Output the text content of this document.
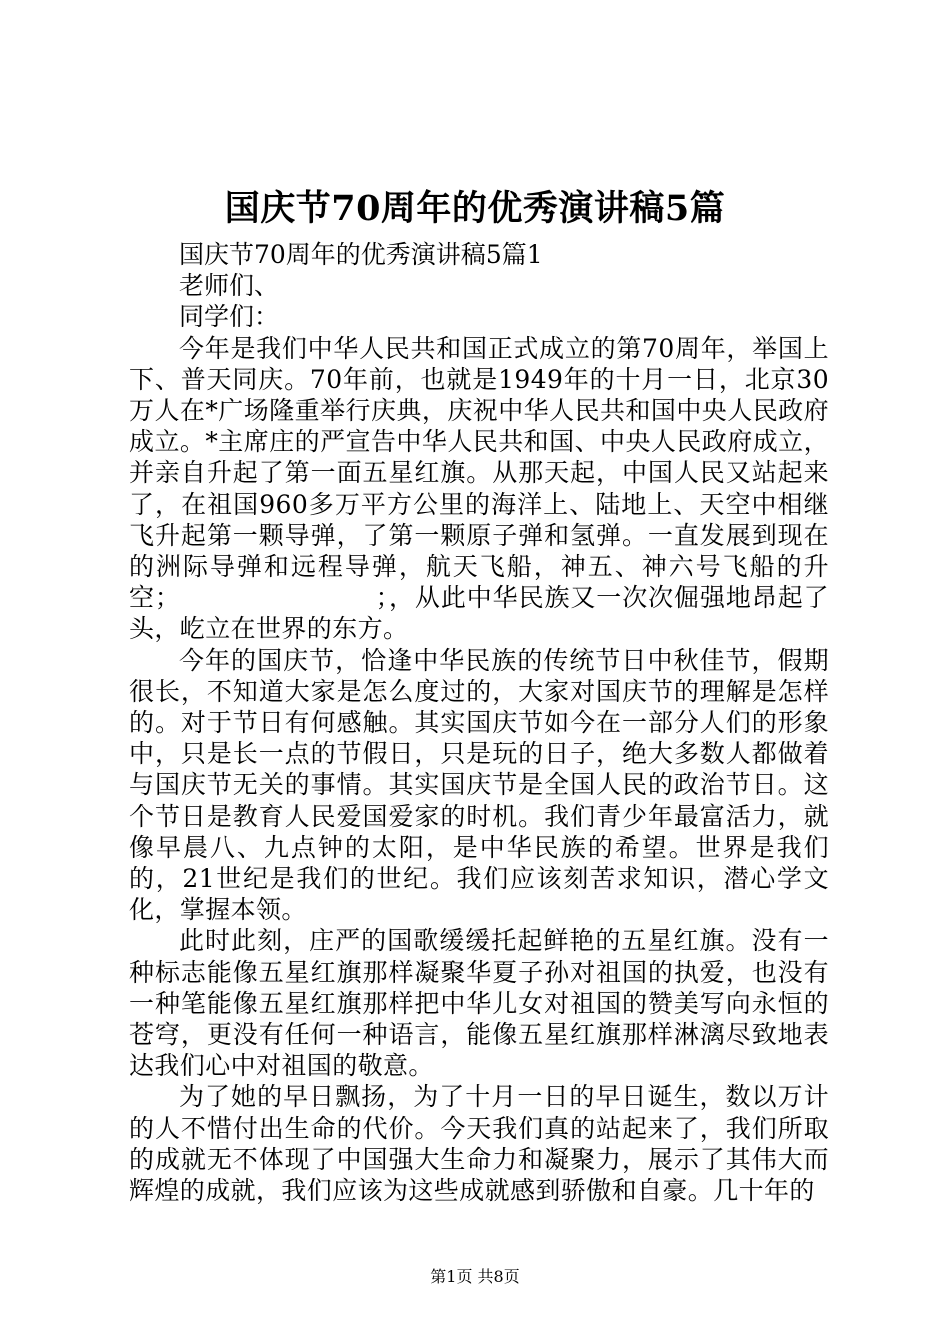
国庆节70周年的优秀演讲稿5篇

国庆节70周年的优秀演讲稿5篇1

老师们、

同学们：

今年是我们中华人民共和国正式成立的第70周年，举国上下、普天同庆。70年前，也就是1949年的十月一日，北京30万人在*广场隆重举行庆典，庆祝中华人民共和国中央人民政府成立。*主席庄的严宣告中华人民共和国、中央人民政府成立，并亲自升起了第一面五星红旗。从那天起，中国人民又站起来了，在祖国960多万平方公里的海洋上、陆地上、天空中相继飞升起第一颗导弹，了第一颗原子弹和氢弹。一直发展到现在的洲际导弹和远程导弹，航天飞船，神五、神六号飞船的升空；　　　　　　　　；，从此中华民族又一次次倔强地昂起了头，屹立在世界的东方。

今年的国庆节，恰逢中华民族的传统节日中秋佳节，假期很长，不知道大家是怎么度过的，大家对国庆节的理解是怎样的。对于节日有何感触。其实国庆节如今在一部分人们的形象中，只是长一点的节假日，只是玩的日子，绝大多数人都做着与国庆节无关的事情。其实国庆节是全国人民的政治节日。这个节日是教育人民爱国爱家的时机。我们青少年最富活力，就像早晨八、九点钟的太阳，是中华民族的希望。世界是我们的，21世纪是我们的世纪。我们应该刻苦求知识，潜心学文化，掌握本领。

此时此刻，庄严的国歌缓缓托起鲜艳的五星红旗。没有一种标志能像五星红旗那样凝聚华夏子孙对祖国的执爱，也没有一种笔能像五星红旗那样把中华儿女对祖国的赞美写向永恒的苍穹，更没有任何一种语言，能像五星红旗那样淋漓尽致地表达我们心中对祖国的敬意。

为了她的早日飘扬，为了十月一日的早日诞生，数以万计的人不惜付出生命的代价。今天我们真的站起来了，我们所取的成就无不体现了中国强大生命力和凝聚力，展示了其伟大而辉煌的成就，我们应该为这些成就感到骄傲和自豪。几十年的

第1页 共8页
